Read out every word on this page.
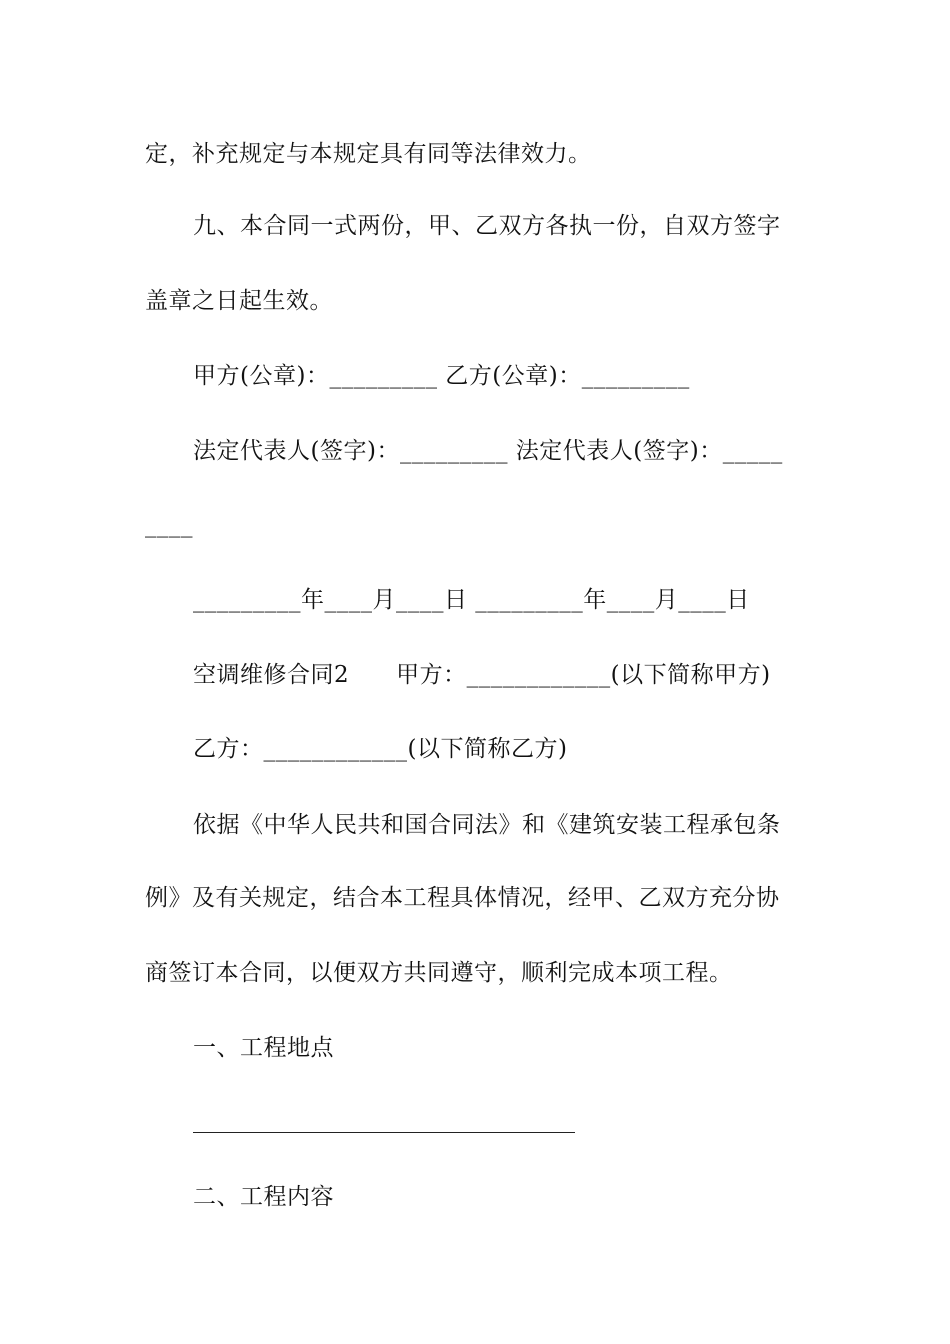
定，补充规定与本规定具有同等法律效力。
九、本合同一式两份，甲、乙双方各执一份，自双方签字
盖章之日起生效。
甲方(公章)：_________ 乙方(公章)：_________
法定代表人(签字)：_________ 法定代表人(签字)：_____
____
_________年____月____日 _________年____月____日
空调维修合同2　　甲方：____________(以下简称甲方)
乙方：____________(以下简称乙方)
依据《中华人民共和国合同法》和《建筑安装工程承包条
例》及有关规定，结合本工程具体情况，经甲、乙双方充分协
商签订本合同，以便双方共同遵守，顺利完成本项工程。
一、工程地点
二、工程内容
